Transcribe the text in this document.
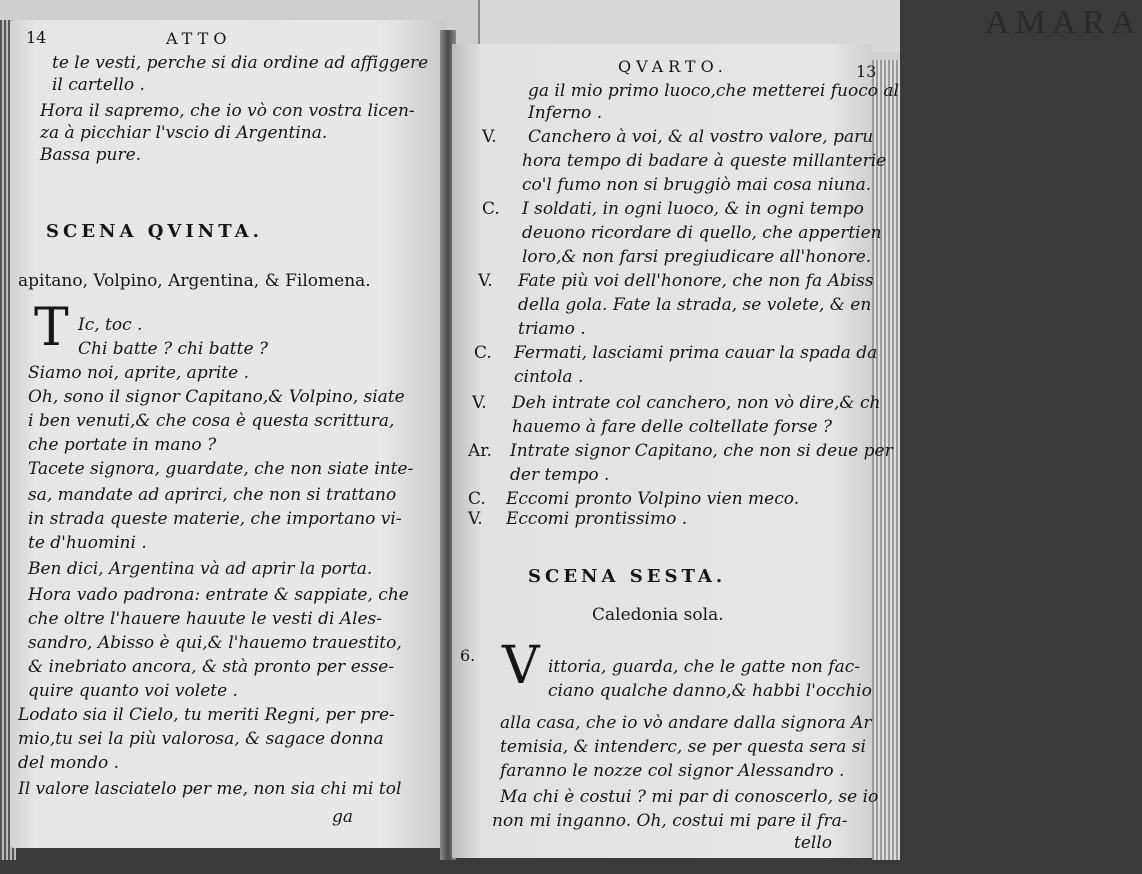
AMARA
14	ATTO
te le vesti, perche si dia ordine ad affiggere
il cartello .
Hora il sapremo, che io vò con vostra licen-
za à picchiar l'vscio di Argentina.
Bassa pure.
SCENA QVINTA.
apitano, Volpino, Argentina, & Filomena.
T Ic, toc .
Chi batte ? chi batte ?
Siamo noi, aprite, aprite .
Oh, sono il signor Capitano,& Volpino, siate
i ben venuti,& che cosa è questa scrittura,
che portate in mano ?
Tacete signora, guardate, che non siate inte-
sa, mandate ad aprirci, che non si trattano
in strada queste materie, che importano vi-
te d'huomini .
Ben dici, Argentina và ad aprir la porta.
Hora vado padrona: entrate & sappiate, che
che oltre l'hauere hauute le vesti di Ales-
sandro, Abisso è qui,& l'hauemo trauestito,
& inebriato ancora, & stà pronto per esse-
quire quanto voi volete .
Lodato sia il Cielo, tu meriti Regni, per pre-
mio,tu sei la più valorosa, & sagace donna
del mondo .
Il valore lasciatelo per me, non sia chi mi tol
ga
QVARTO.	13
ga il mio primo luoco,che metterei fuoco al
Inferno .
V. Canchero à voi, & al vostro valore, paru
hora tempo di badare à queste millanterie
co'l fumo non si bruggiò mai cosa niuna.
C. I soldati, in ogni luoco, & in ogni tempo
deuono ricordare di quello, che appertien
loro,& non farsi pregiudicare all'honore.
V. Fate più voi dell'honore, che non fa Abiss
della gola. Fate la strada, se volete, & en
triamo .
C. Fermati, lasciami prima cauar la spada da
cintola .
V. Deh intrate col canchero, non vò dire,& ch
hauemo à fare delle coltellate forse ?
Ar. Intrate signor Capitano, che non si deue per
der tempo .
C. Eccomi pronto Volpino vien meco.
V. Eccomi prontissimo .
SCENA SESTA.
Caledonia sola.
6. V ittoria, guarda, che le gatte non fac-
ciano qualche danno,& habbi l'occhio
alla casa, che io vò andare dalla signora Ar
temisia, & intenderc, se per questa sera si
faranno le nozze col signor Alessandro .
Ma chi è costui ? mi par di conoscerlo, se io
non mi inganno. Oh, costui mi pare il fra-
tello
